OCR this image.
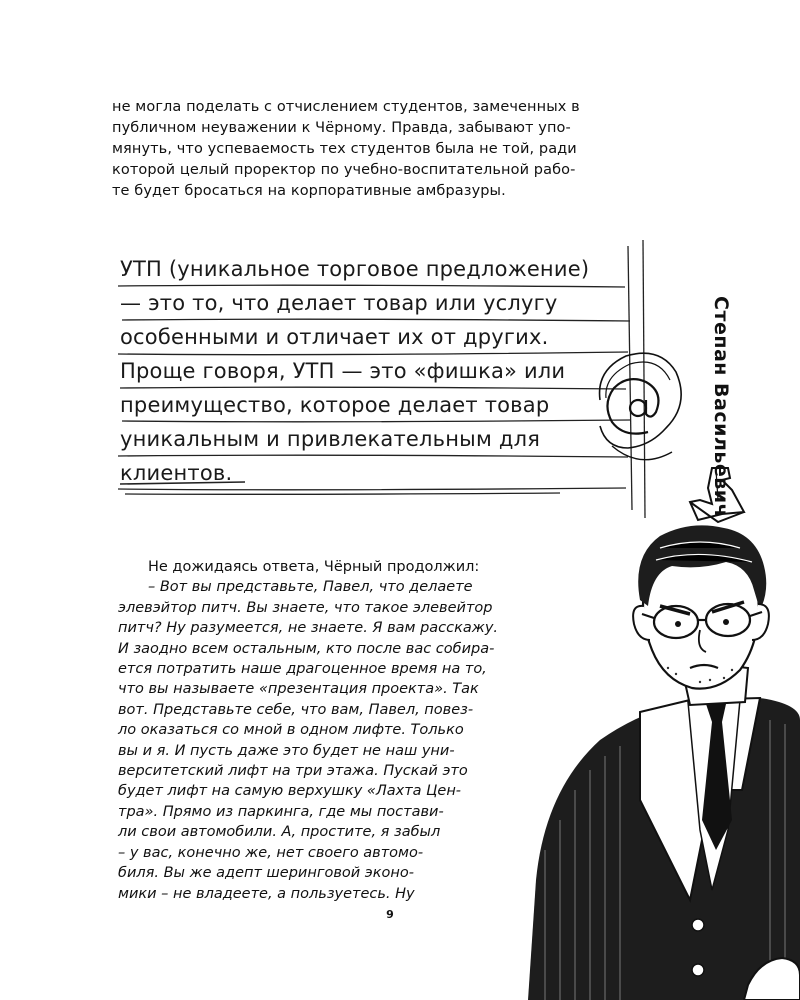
не могла поделать с отчислением студентов, замеченных в
публичном неуважении к Чёрному. Правда, забывают упо-
мянуть, что успеваемость тех студентов была не той, ради
которой целый проректор по учебно-воспитательной рабо-
те будет бросаться на корпоративные амбразуры.
УТП (уникальное торговое предложение)
— это то, что делает товар или услугу
особенными и отличает их от других.
Проще говоря, УТП — это «фишка» или
преимущество, которое делает товар
уникальным и привлекательным для
клиентов.	Степан Васильевич
Не дожидаясь ответа, Чёрный продолжил:
– Вот вы представьте, Павел, что делаете
элевэйтор питч. Вы знаете, что такое элевейтор
питч? Ну разумеется, не знаете. Я вам расскажу.
И заодно всем остальным, кто после вас собира-
ется потратить наше драгоценное время на то,
что вы называете «презентация проекта». Так
вот. Представьте себе, что вам, Павел, повез-
ло оказаться со мной в одном лифте. Только
вы и я. И пусть даже это будет не наш уни-
верситетский лифт на три этажа. Пускай это
будет лифт на самую верхушку «Лахта Цен-
тра». Прямо из паркинга, где мы постави-
ли свои автомобили. А, простите, я забыл
– у вас, конечно же, нет своего автомо-
биля. Вы же адепт шеринговой эконо-
мики – не владеете, а пользуетесь. Ну
9
